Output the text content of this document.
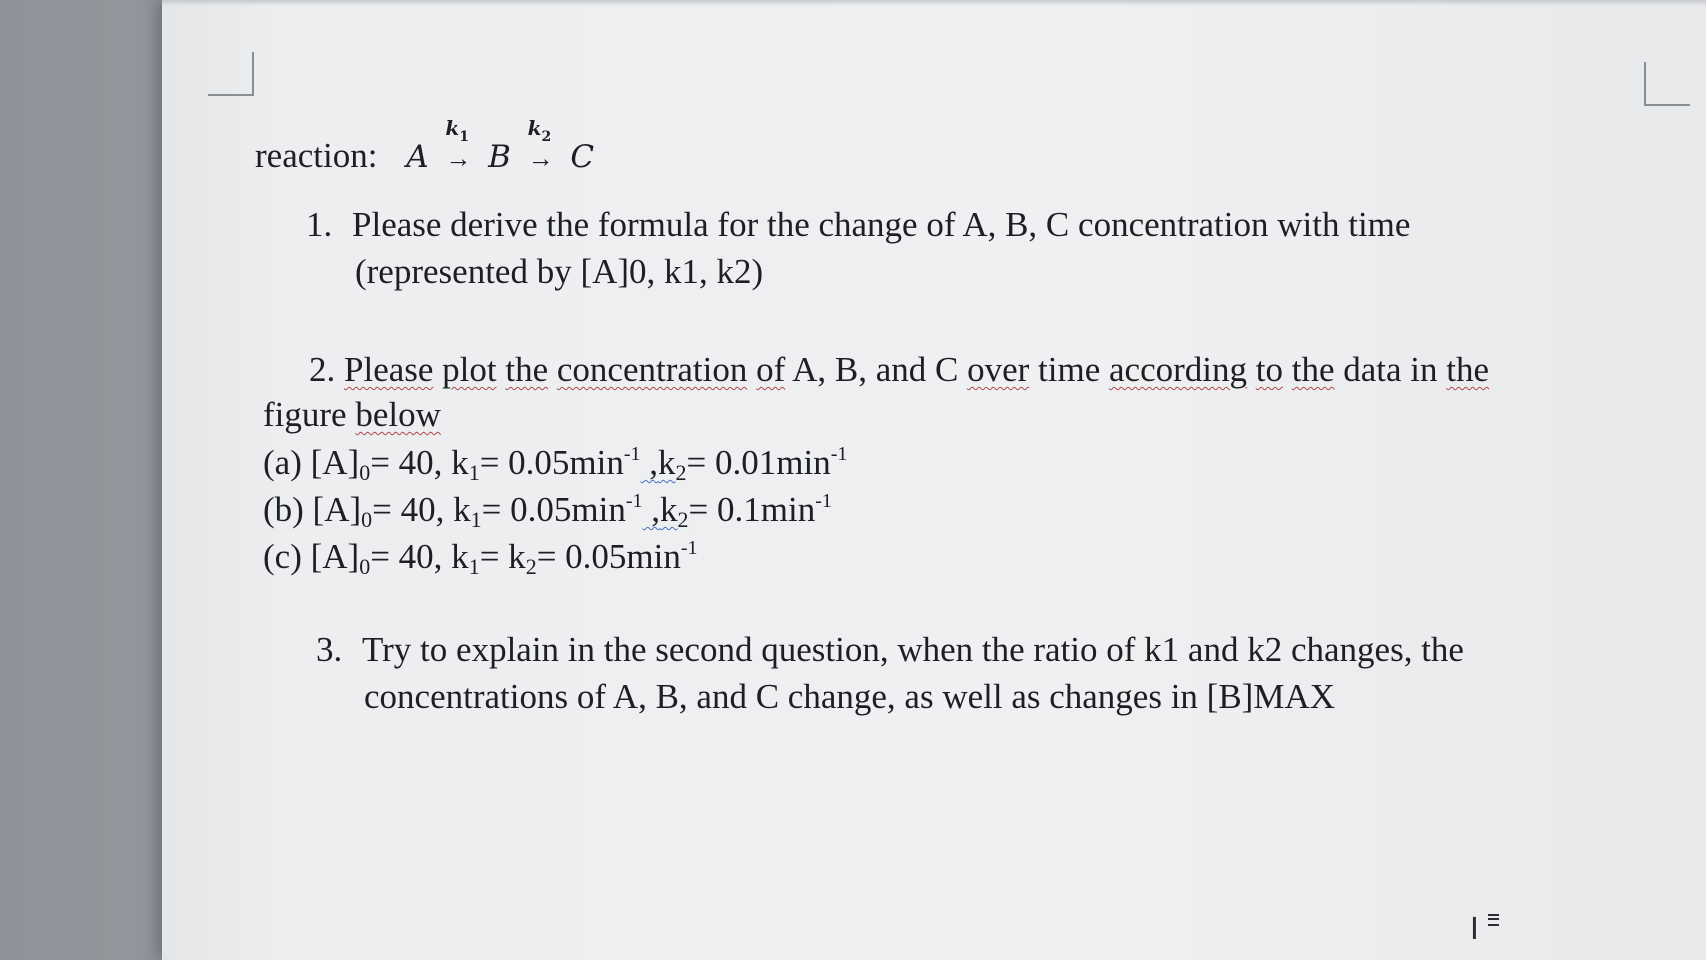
reaction: A
$k_1$
→ B
$k_2$
→ C
1. Please derive the formula for the change of A, B, C concentration with time
(represented by [A]0, k1, k2)
2. Please plot the concentration of A, B, and C over time according to the data in the
figure below
(a) $[A]_0= 40$, $k_1= 0.05\min^{-1}$ $,k_2= 0.01\min^{-1}$
(b) $[A]_0= 40$, $k_1= 0.05\min^{-1}$ $,k_2= 0.1\min^{-1}$
(c) $[A]_0= 40$, $k_1= k_2= 0.05\min^{-1}$
3. Try to explain in the second question, when the ratio of k1 and k2 changes, the
concentrations of A, B, and C change, as well as changes in [B]MAX
I
